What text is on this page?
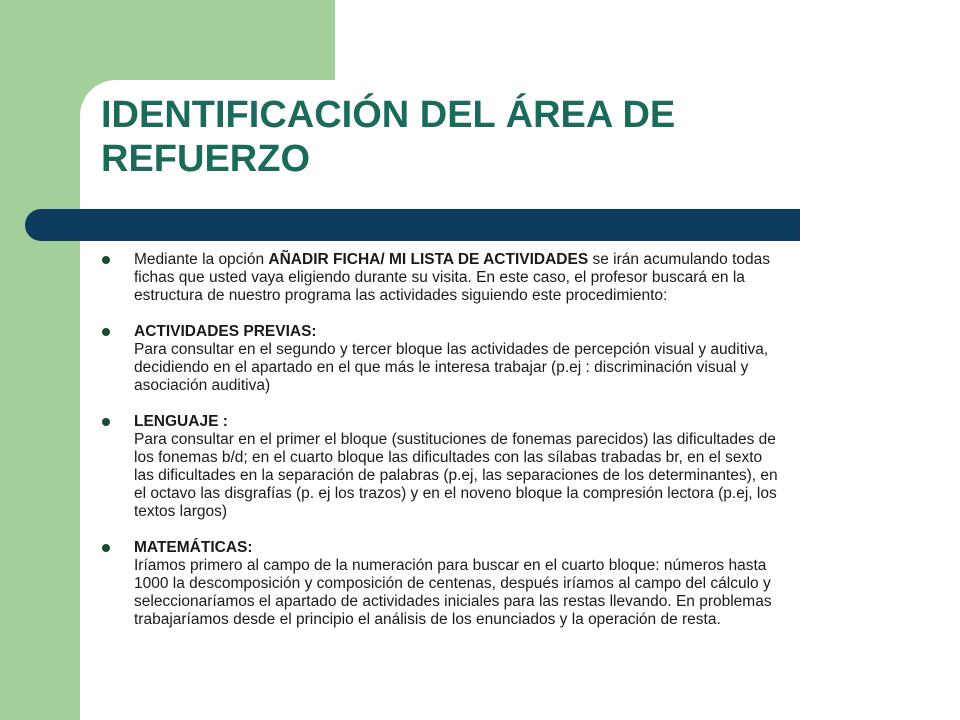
IDENTIFICACIÓN DEL ÁREA DE
REFUERZO
Mediante la opción AÑADIR FICHA/ MI LISTA DE ACTIVIDADES se irán acumulando todas
fichas que usted vaya eligiendo durante su visita. En este caso, el profesor buscará en la
estructura de nuestro programa las actividades siguiendo este procedimiento:
ACTIVIDADES PREVIAS:
Para consultar en el segundo y tercer bloque las actividades de percepción visual y auditiva,
decidiendo en el apartado en el que más le interesa trabajar (p.ej : discriminación visual y
asociación auditiva)
LENGUAJE :
Para consultar en el primer el bloque (sustituciones de fonemas parecidos) las dificultades de
los fonemas b/d; en el cuarto bloque las dificultades con las sílabas trabadas br, en el sexto
las dificultades en la separación de palabras (p.ej, las separaciones de los determinantes), en
el octavo las disgrafías (p. ej los trazos) y en el noveno bloque la compresión lectora (p.ej, los
textos largos)
MATEMÁTICAS:
Iríamos primero al campo de la numeración para buscar en el cuarto bloque: números hasta
1000 la descomposición y composición de centenas, después iríamos al campo del cálculo y
seleccionaríamos el apartado de actividades iniciales para las restas llevando. En problemas
trabajaríamos desde el principio el análisis de los enunciados y la operación de resta.
